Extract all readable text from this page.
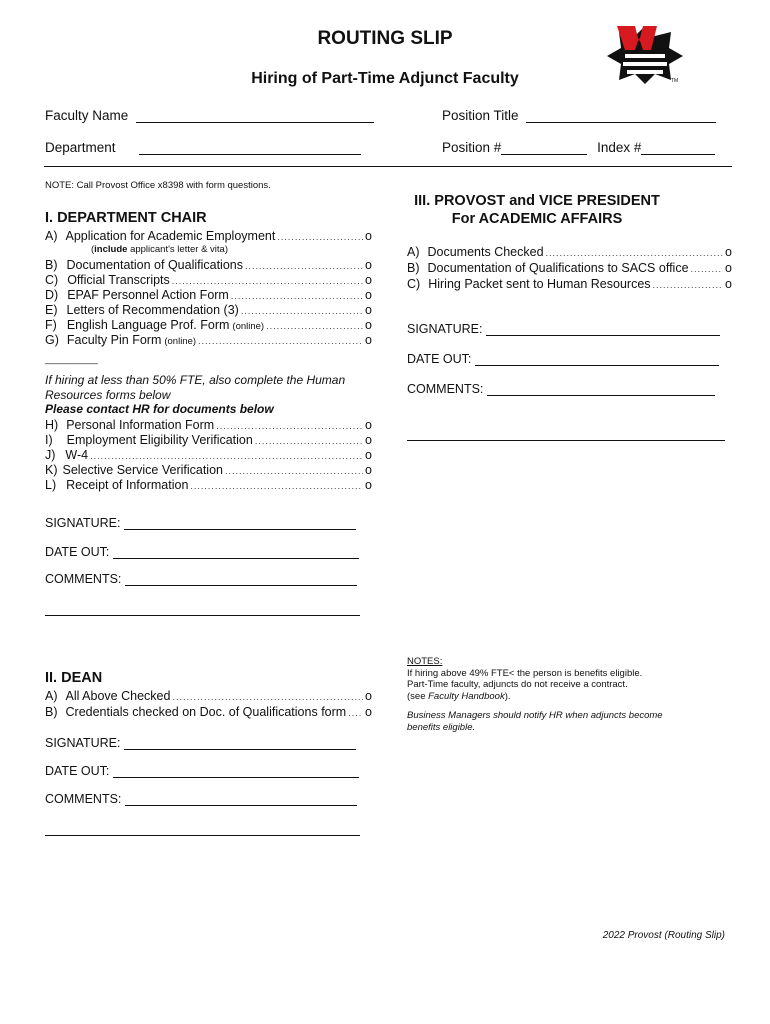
ROUTING SLIP
Hiring of Part-Time Adjunct Faculty	TM
Faculty Name	Position Title
Department	Position #	Index #
NOTE: Call Provost Office x8398 with form questions.
I. DEPARTMENT CHAIR
A) Application for Academic Employment .....	o
(include applicant's letter & vita)
B) Documentation of Qualifications .....	o
C) Official Transcripts .....	o
D) EPAF Personnel Action Form .....	o
E) Letters of Recommendation (3) .....	o
F) English Language Prof. Form (online) .....	o
G) Faculty Pin Form (online) .....	o
__________
If hiring at less than 50% FTE, also complete the Human
Resources forms below
Please contact HR for documents below
H) Personal Information Form .....	o
I) Employment Eligibility Verification .....	o
J) W-4 .....	o
K) Selective Service Verification .....	o
L) Receipt of Information .....	o
SIGNATURE:
DATE OUT:
COMMENTS:
II. DEAN
A) All Above Checked .....	o
B) Credentials checked on Doc. of Qualifications form ..... o
SIGNATURE:
DATE OUT:
COMMENTS:
III. PROVOST and VICE PRESIDENT
For ACADEMIC AFFAIRS
A) Documents Checked .....	o
B) Documentation of Qualifications to SACS office .....	o
C) Hiring Packet sent to Human Resources .....	o
SIGNATURE:
DATE OUT:
COMMENTS:
NOTES:
If hiring above 49% FTE< the person is benefits eligible.
Part-Time faculty, adjuncts do not receive a contract.
(see Faculty Handbook).
Business Managers should notify HR when adjuncts become
benefits eligible.
2022 Provost (Routing Slip)
